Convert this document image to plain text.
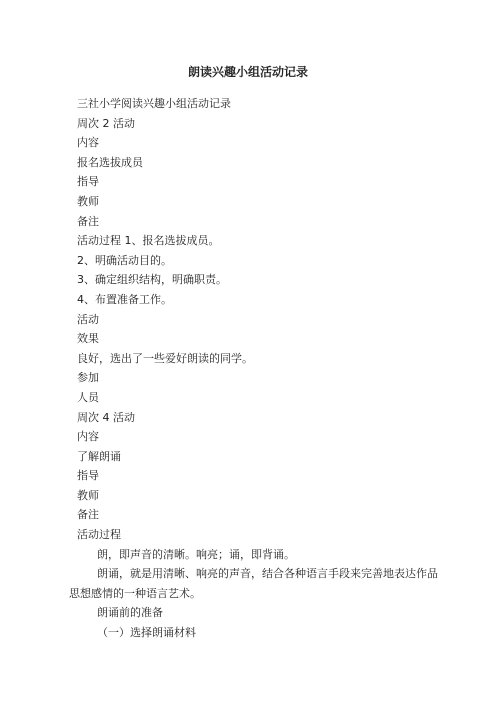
朗读兴趣小组活动记录
三社小学阅读兴趣小组活动记录
周次 2 活动
内容
报名选拔成员
指导
教师
备注
活动过程 1、报名选拔成员。
2、明确活动目的。
3、确定组织结构，明确职责。
4、布置准备工作。
活动
效果
良好，选出了一些爱好朗读的同学。
参加
人员
周次 4 活动
内容
了解朗诵
指导
教师
备注
活动过程
朗，即声音的清晰。响亮；诵，即背诵。
朗诵，就是用清晰、响亮的声音，结合各种语言手段来完善地表达作品思想感情的一种语言艺术。
朗诵前的准备
（一）选择朗诵材料
